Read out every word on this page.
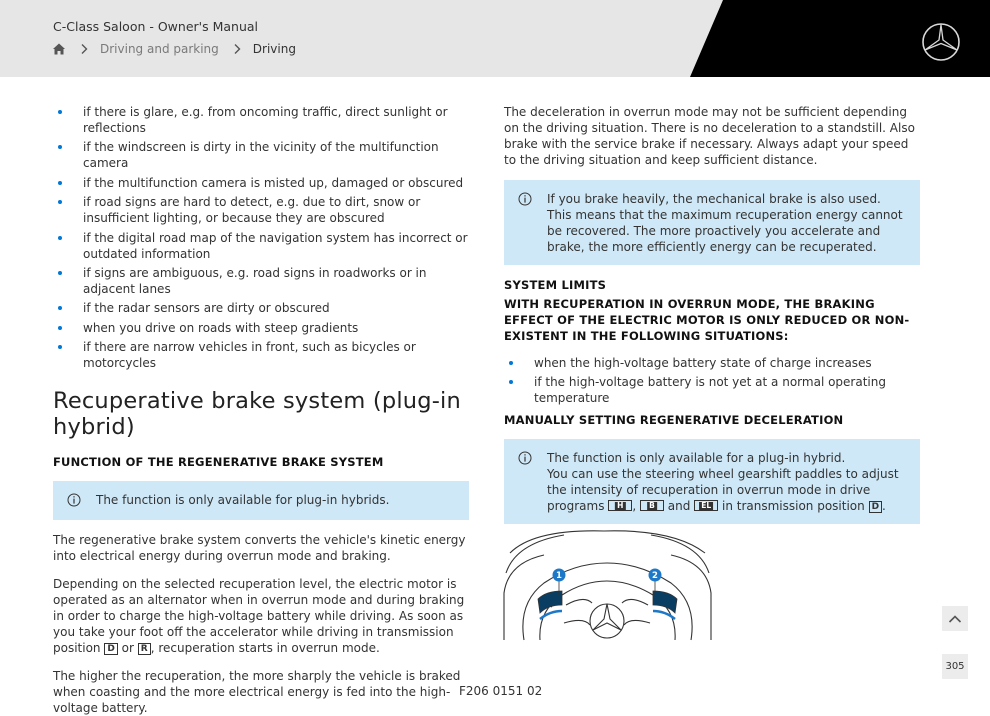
C-Class Saloon - Owner's Manual
Driving and parking	Driving
if there is glare, e.g. from oncoming traffic, direct sunlight or reflections
if the windscreen is dirty in the vicinity of the multifunction camera
if the multifunction camera is misted up, damaged or obscured
if road signs are hard to detect, e.g. due to dirt, snow or insufficient lighting, or because they are obscured
if the digital road map of the navigation system has incorrect or outdated information
if signs are ambiguous, e.g. road signs in roadworks or in adjacent lanes
if the radar sensors are dirty or obscured
when you drive on roads with steep gradients
if there are narrow vehicles in front, such as bicycles or motorcycles
Recuperative brake system (plug-in hybrid)
FUNCTION OF THE REGENERATIVE BRAKE SYSTEM

The function is only available for plug-in hybrids.

The regenerative brake system converts the vehicle's kinetic energy into electrical energy during overrun mode and braking.

Depending on the selected recuperation level, the electric motor is operated as an alternator when in overrun mode and during braking in order to charge the high-voltage battery while driving. As soon as you take your foot off the accelerator while driving in transmission position D or R , recuperation starts in overrun mode.

The higher the recuperation, the more sharply the vehicle is braked when coasting and the more electrical energy is fed into the high-voltage battery.

The deceleration in overrun mode may not be sufficient depending on the driving situation. There is no deceleration to a standstill. Also brake with the service brake if necessary. Always adapt your speed to the driving situation and keep sufficient distance.

If you brake heavily, the mechanical brake is also used. This means that the maximum recuperation energy cannot be recovered. The more proactively you accelerate and brake, the more efficiently energy can be recuperated.

SYSTEM LIMITS
WITH RECUPERATION IN OVERRUN MODE, THE BRAKING EFFECT OF THE ELECTRIC MOTOR IS ONLY REDUCED OR NON-EXISTENT IN THE FOLLOWING SITUATIONS:
when the high-voltage battery state of charge increases
if the high-voltage battery is not yet at a normal operating temperature
MANUALLY SETTING REGENERATIVE DECELERATION

The function is only available for a plug-in hybrid.

You can use the steering wheel gearshift paddles to adjust the intensity of recuperation in overrun mode in drive programs H , B and EL in transmission position D .

1	2
F206 0151 02
305
